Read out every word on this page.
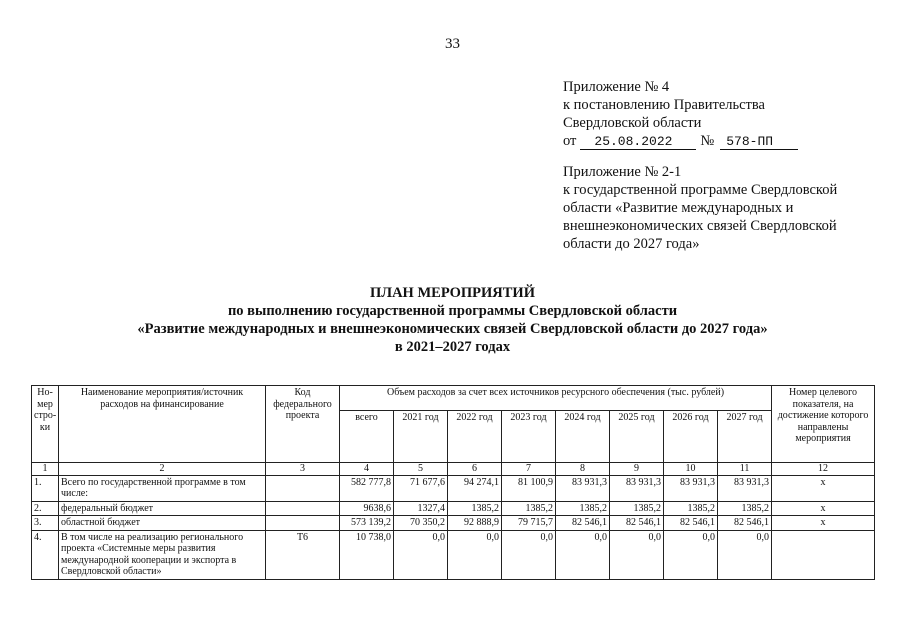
33
Приложение № 4
к постановлению Правительства
Свердловской области
от	25.08.2022	№ 578-ПП
Приложение № 2-1
к государственной программе Свердловской
области «Развитие международных и
внешнеэкономических связей Свердловской
области до 2027 года»
ПЛАН МЕРОПРИЯТИЙ
по выполнению государственной программы Свердловской области
«Развитие международных и внешнеэкономических связей Свердловской области до 2027 года»
в 2021–2027 годах
Но-мер стро-ки	Наименование мероприятия/источник расходов на финансирование	Код федерального проекта	Объем расходов за счет всех источников ресурсного обеспечения (тыс. рублей)								Номер целевого показателя, на достижение которого направлены мероприятия
			всего	2021 год	2022 год	2023 год	2024 год	2025 год	2026 год	2027 год	
1	2	3	4	5	6	7	8	9	10	11	12
1.	Всего по государственной программе в том числе:		582 777,8	71 677,6	94 274,1	81 100,9	83 931,3	83 931,3	83 931,3	83 931,3	х
2.	федеральный бюджет		9638,6	1327,4	1385,2	1385,2	1385,2	1385,2	1385,2	1385,2	х
3.	областной бюджет		573 139,2	70 350,2	92 888,9	79 715,7	82 546,1	82 546,1	82 546,1	82 546,1	х
4.	В том числе на реализацию регионального проекта «Системные меры развития международной кооперации и экспорта в Свердловской области»	Т6	10 738,0	0,0	0,0	0,0	0,0	0,0	0,0	0,0	
